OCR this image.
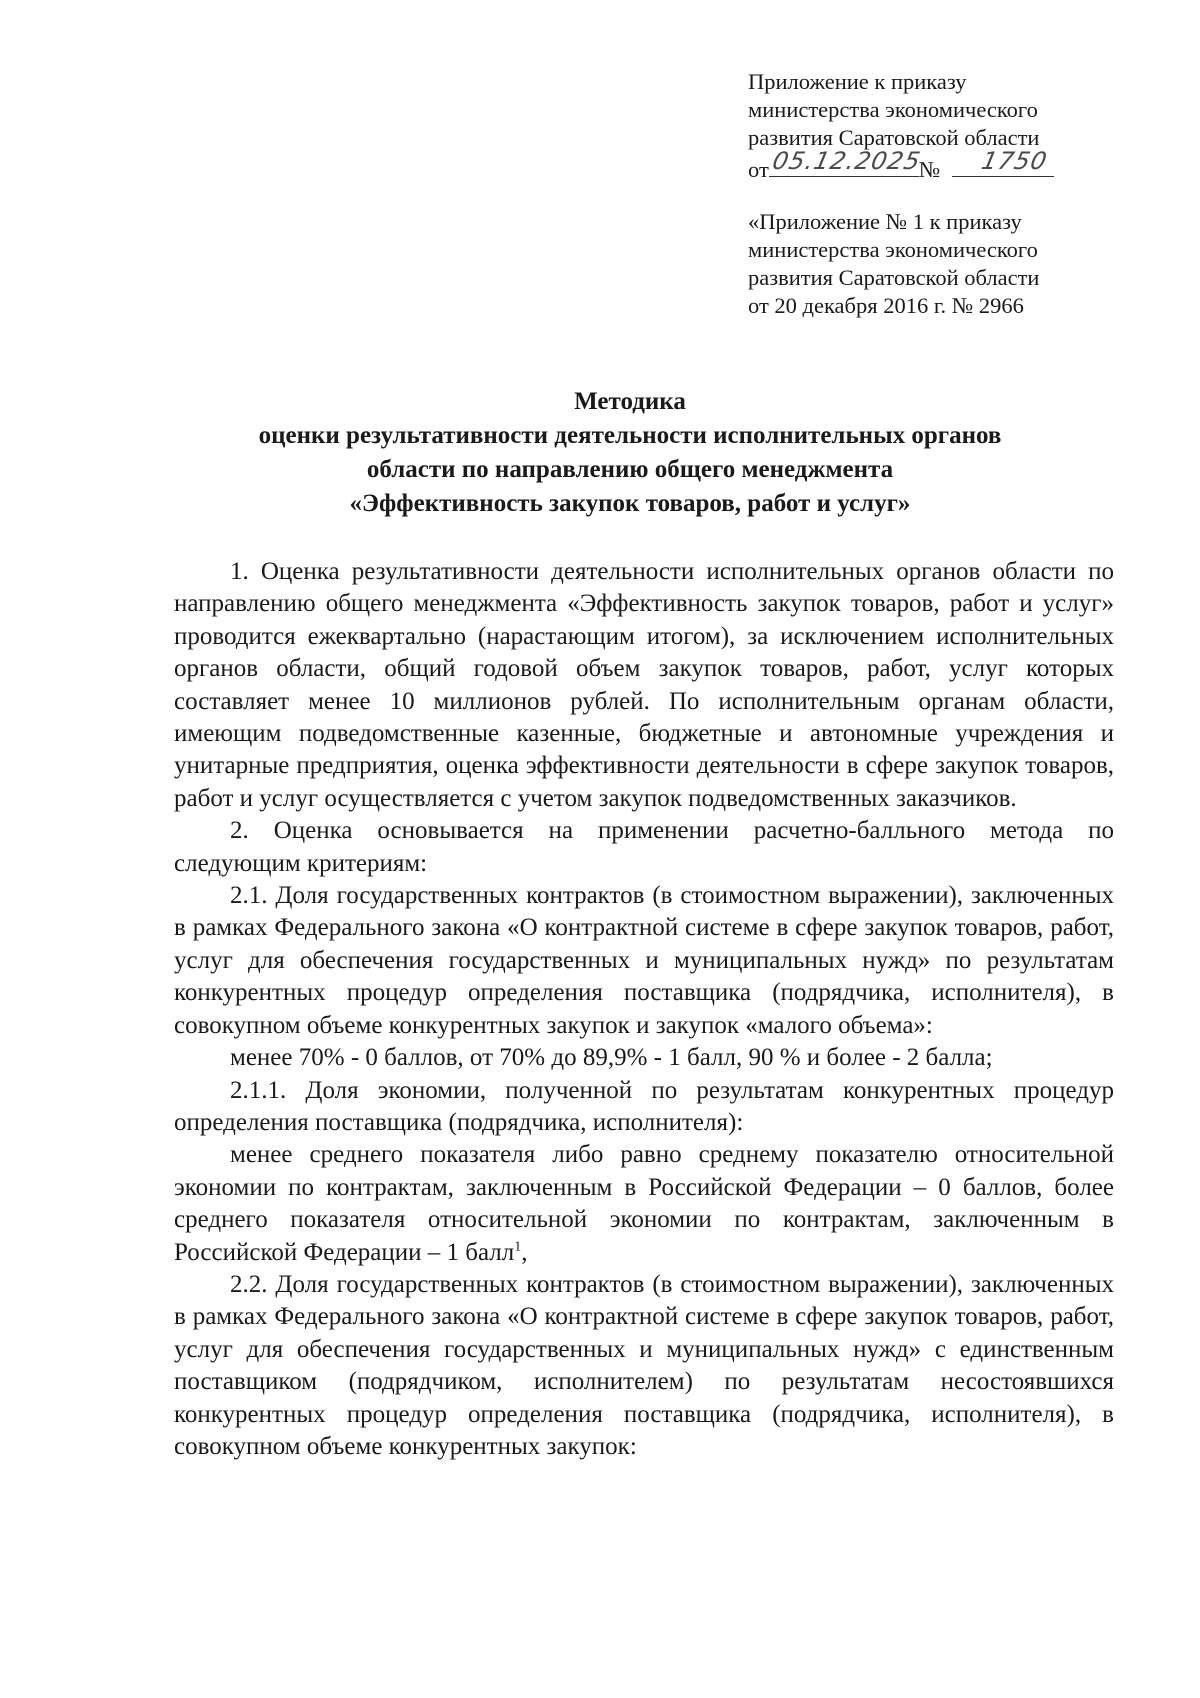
Приложение к приказу
министерства экономического
развития Саратовской области
от 05.12.2025
№ 1750
«Приложение № 1 к приказу
министерства экономического
развития Саратовской области
от 20 декабря 2016 г. № 2966
Методика
оценки результативности деятельности исполнительных органов
области по направлению общего менеджмента
«Эффективность закупок товаров, работ и услуг»

1. Оценка результативности деятельности исполнительных органов области по направлению общего менеджмента «Эффективность закупок товаров, работ и услуг» проводится ежеквартально (нарастающим итогом), за исключением исполнительных органов области, общий годовой объем закупок товаров, работ, услуг которых составляет менее 10 миллионов рублей. По исполнительным органам области, имеющим подведомственные казенные, бюджетные и автономные учреждения и унитарные предприятия, оценка эффективности деятельности в сфере закупок товаров, работ и услуг осуществляется с учетом закупок подведомственных заказчиков.

2. Оценка основывается на применении расчетно-балльного метода по следующим критериям:

2.1. Доля государственных контрактов (в стоимостном выражении), заключенных в рамках Федерального закона «О контрактной системе в сфере закупок товаров, работ, услуг для обеспечения государственных и муниципальных нужд» по результатам конкурентных процедур определения поставщика (подрядчика, исполнителя), в совокупном объеме конкурентных закупок и закупок «малого объема»:

менее 70% - 0 баллов, от 70% до 89,9% - 1 балл, 90 % и более - 2 балла;

2.1.1. Доля экономии, полученной по результатам конкурентных процедур определения поставщика (подрядчика, исполнителя):

менее среднего показателя либо равно среднему показателю относительной экономии по контрактам, заключенным в Российской Федерации – 0 баллов, более среднего показателя относительной экономии по контрактам, заключенным в Российской Федерации – 1 балл$^1$,

2.2. Доля государственных контрактов (в стоимостном выражении), заключенных в рамках Федерального закона «О контрактной системе в сфере закупок товаров, работ, услуг для обеспечения государственных и муниципальных нужд» с единственным поставщиком (подрядчиком, исполнителем) по результатам несостоявшихся конкурентных процедур определения поставщика (подрядчика, исполнителя), в совокупном объеме конкурентных закупок:
